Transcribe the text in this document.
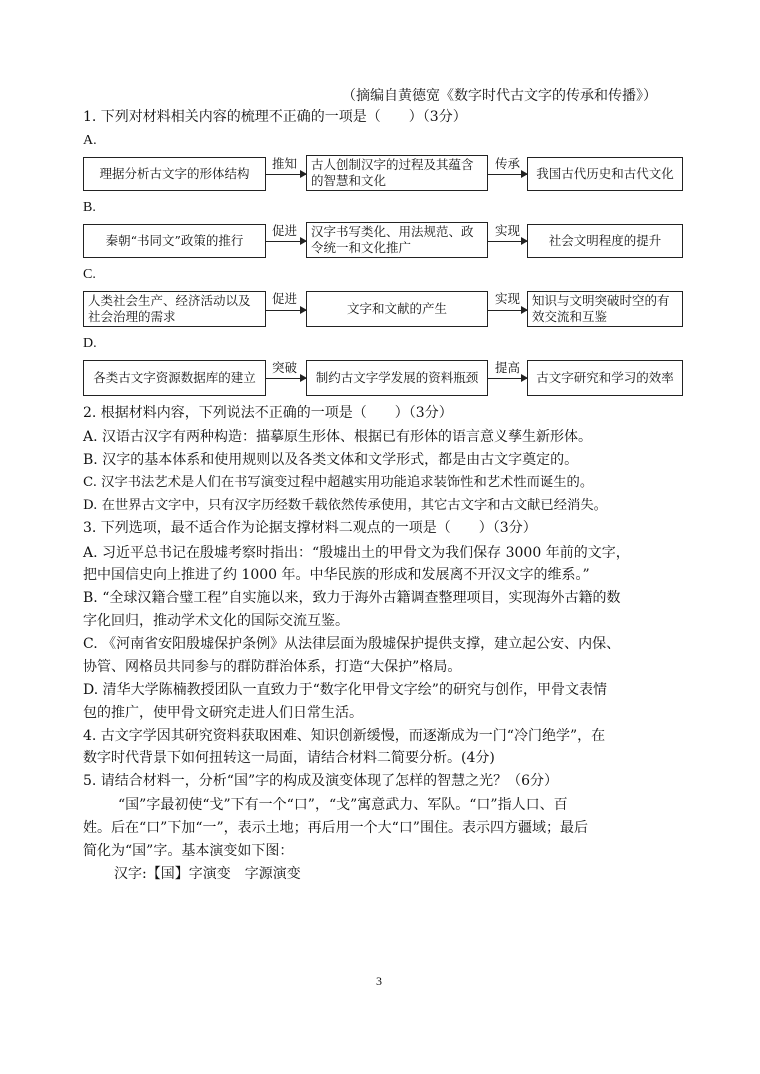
（摘编自黄德宽《数字时代古文字的传承和传播》）
1. 下列对材料相关内容的梳理不正确的一项是（　　）（3分）
A.
理据分析古文字的形体结构
推知	古人创制汉字的过程及其蕴含的智慧和文化
传承
我国古代历史和古代文化
B.
秦朝“书同文”政策的推行
促进	汉字书写类化、用法规范、政令统一和文化推广
实现
社会文明程度的提升
C.
人类社会生产、经济活动以及社会治理的需求
促进
文字和文献的产生
实现 知识与文明突破时空的有效交流和互鉴
D.
各类古文字资源数据库的建立
突破
制约古文字学发展的资料瓶颈
提高
古文字研究和学习的效率
2. 根据材料内容，下列说法不正确的一项是（　　）（3分）
A. 汉语古汉字有两种构造：描摹原生形体、根据已有形体的语言意义孳生新形体。
B. 汉字的基本体系和使用规则以及各类文体和文学形式，都是由古文字奠定的。
C. 汉字书法艺术是人们在书写演变过程中超越实用功能追求装饰性和艺术性而诞生的。
D. 在世界古文字中，只有汉字历经数千载依然传承使用，其它古文字和古文献已经消失。
3. 下列选项，最不适合作为论据支撑材料二观点的一项是（　　）（3分）
A. 习近平总书记在殷墟考察时指出：“殷墟出土的甲骨文为我们保存 3000 年前的文字，
把中国信史向上推进了约 1000 年。中华民族的形成和发展离不开汉文字的维系。”
B. “全球汉籍合璧工程”自实施以来，致力于海外古籍调查整理项目，实现海外古籍的数
字化回归，推动学术文化的国际交流互鉴。
C. 《河南省安阳殷墟保护条例》从法律层面为殷墟保护提供支撑，建立起公安、内保、
协管、网格员共同参与的群防群治体系，打造“大保护”格局。
D. 清华大学陈楠教授团队一直致力于“数字化甲骨文字绘”的研究与创作，甲骨文表情
包的推广，使甲骨文研究走进人们日常生活。
4. 古文字学因其研究资料获取困难、知识创新缓慢，而逐渐成为一门“冷门绝学”，在
数字时代背景下如何扭转这一局面，请结合材料二简要分析。(4分)
5. 请结合材料一，分析“国”字的构成及演变体现了怎样的智慧之光？（6分）
“国”字最初使“戈”下有一个“口”，“戈”寓意武力、军队。“口”指人口、百
姓。后在“口”下加“一”，表示土地；再后用一个大“口”围住。表示四方疆域；最后
简化为“国”字。基本演变如下图：
汉字:【国】字演变　字源演变
3
